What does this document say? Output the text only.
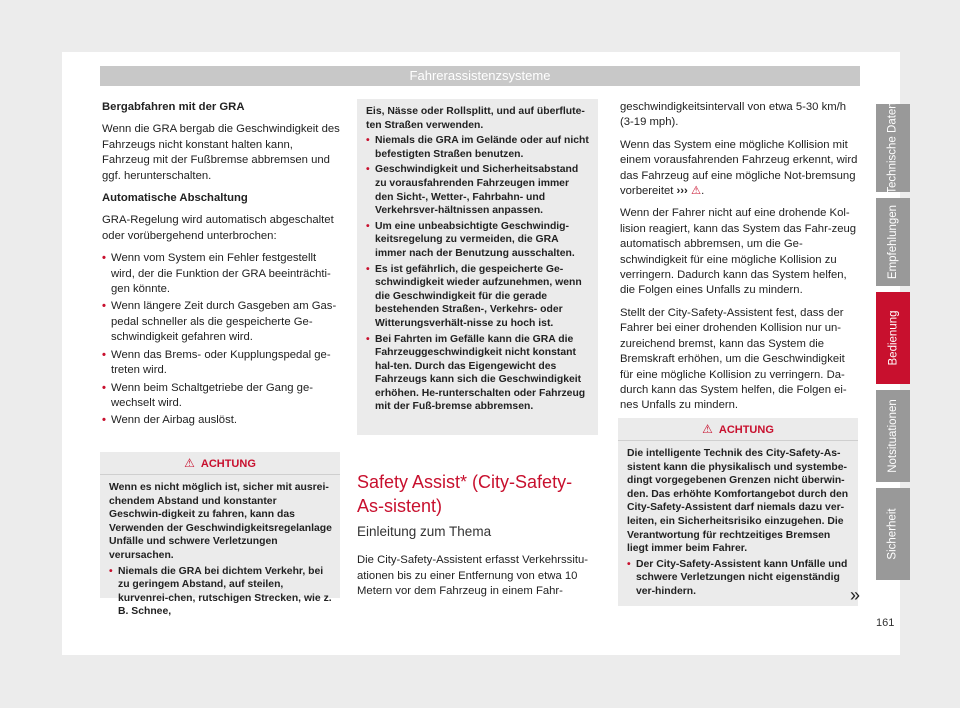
Fahrerassistenzsysteme

Bergabfahren mit der GRA

Wenn die GRA bergab die Geschwindigkeit des Fahrzeugs nicht konstant halten kann, Fahrzeug mit der Fußbremse abbremsen und ggf. herunterschalten.

Automatische Abschaltung

GRA-Regelung wird automatisch abgeschaltet oder vorübergehend unterbrochen:

• Wenn vom System ein Fehler festgestellt wird, der die Funktion der GRA beeinträchti-gen könnte.
• Wenn längere Zeit durch Gasgeben am Gas-pedal schneller als die gespeicherte Ge-schwindigkeit gefahren wird.
• Wenn das Brems- oder Kupplungspedal ge-treten wird.
• Wenn beim Schaltgetriebe der Gang ge-wechselt wird.
• Wenn der Airbag auslöst.
⚠ ACHTUNG

Wenn es nicht möglich ist, sicher mit ausrei-chendem Abstand und konstanter Geschwin-digkeit zu fahren, kann das Verwenden der Geschwindigkeitsregelanlage Unfälle und schwere Verletzungen verursachen.

• Niemals die GRA bei dichtem Verkehr, bei zu geringem Abstand, auf steilen, kurvenrei-chen, rutschigen Strecken, wie z. B. Schnee,

Eis, Nässe oder Rollsplitt, und auf überflute-ten Straßen verwenden.

• Niemals die GRA im Gelände oder auf nicht befestigten Straßen benutzen.
• Geschwindigkeit und Sicherheitsabstand zu vorausfahrenden Fahrzeugen immer den Sicht-, Wetter-, Fahrbahn- und Verkehrsver-hältnissen anpassen.
• Um eine unbeabsichtigte Geschwindig-keitsregelung zu vermeiden, die GRA immer nach der Benutzung ausschalten.
• Es ist gefährlich, die gespeicherte Ge-schwindigkeit wieder aufzunehmen, wenn die Geschwindigkeit für die gerade bestehenden Straßen-, Verkehrs- oder Witterungsverhält-nisse zu hoch ist.
• Bei Fahrten im Gefälle kann die GRA die Fahrzeuggeschwindigkeit nicht konstant hal-ten. Durch das Eigengewicht des Fahrzeugs kann sich die Geschwindigkeit erhöhen. He-runterschalten oder Fahrzeug mit der Fuß-bremse abbremsen.
Safety Assist* (City-Safety-As-sistent)
Einleitung zum Thema

Die City-Safety-Assistent erfasst Verkehrssitu-ationen bis zu einer Entfernung von etwa 10 Metern vor dem Fahrzeug in einem Fahr-

geschwindigkeitsintervall von etwa 5-30 km/h (3-19 mph).

Wenn das System eine mögliche Kollision mit einem vorausfahrenden Fahrzeug erkennt, wird das Fahrzeug auf eine mögliche Not-bremsung vorbereitet ››› ⚠.

Wenn der Fahrer nicht auf eine drohende Kol-lision reagiert, kann das System das Fahr-zeug automatisch abbremsen, um die Ge-schwindigkeit für eine mögliche Kollision zu verringern. Dadurch kann das System helfen, die Folgen eines Unfalls zu mindern.

Stellt der City-Safety-Assistent fest, dass der Fahrer bei einer drohenden Kollision nur un-zureichend bremst, kann das System die Bremskraft erhöhen, um die Geschwindigkeit für eine mögliche Kollision zu verringern. Da-durch kann das System helfen, die Folgen ei-nes Unfalls zu mindern.

⚠ ACHTUNG

Die intelligente Technik des City-Safety-As-sistent kann die physikalisch und systembe-dingt vorgegebenen Grenzen nicht überwin-den. Das erhöhte Komfortangebot durch den City-Safety-Assistent darf niemals dazu ver-leiten, ein Sicherheitsrisiko einzugehen. Die Verantwortung für rechtzeitiges Bremsen liegt immer beim Fahrer.

• Der City-Safety-Assistent kann Unfälle und schwere Verletzungen nicht eigenständig ver-hindern.	»
Technische Daten
Empfehlungen
Bedienung
Notsituationen
Sicherheit
161
